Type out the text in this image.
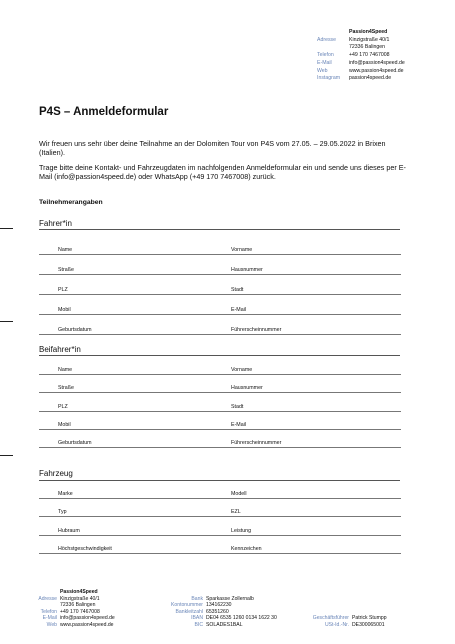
Passion4Speed
Adresse	Kinzigstraße 40/1
72336 Balingen
Telefon	+49 170 7467008
E-Mail	info@passion4speed.de
Web	www.passion4speed.de
Instagram	passion4speed.de
P4S – Anmeldeformular
Wir freuen uns sehr über deine Teilnahme an der Dolomiten Tour von P4S vom 27.05. – 29.05.2022 in Brixen (Italien).
Trage bitte deine Kontakt- und Fahrzeugdaten im nachfolgenden Anmeldeformular ein und sende uns dieses per E-Mail (info@passion4speed.de) oder WhatsApp (+49 170 7467008) zurück.
Teilnehmerangaben
Fahrer*in
Name	Vorname
Straße	Hausnummer
PLZ	Stadt
Mobil	E-Mail
Geburtsdatum	Führerscheinnummer
Beifahrer*in
Name	Vorname
Straße	Hausnummer
PLZ	Stadt
Mobil	E-Mail
Geburtsdatum	Führerscheinnummer
Fahrzeug
Marke	Modell
Typ	EZL
Hubraum	Leistung
Höchstgeschwindigkeit	Kennzeichen
Passion4Speed
Adresse Kinzigstraße 40/1
72336 Balingen
Telefon +49 170 7467008
E-Mail info@passion4speed.de
Web www.passion4speed.de
Bank Sparkasse Zollernalb
Kontonummer 134162230
Bankleitzahl 65351260
IBAN DE04 6535 1260 0134 1622 30
BIC SOLADES1BAL
Geschäftsführer Patrick Stumpp
USt-Id.-Nr. DE300065001
